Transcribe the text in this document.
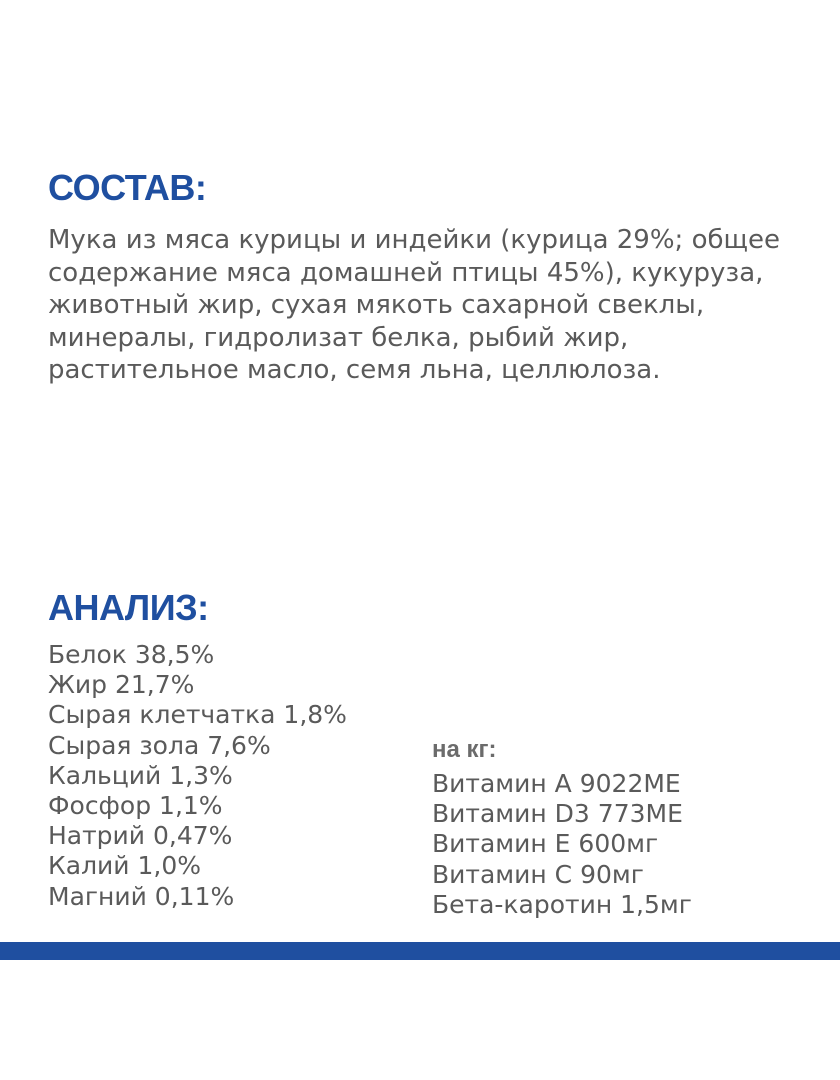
СОСТАВ:

Мука из мяса курицы и индейки (курица 29%; общее содержание мяса домашней птицы 45%), кукуруза, животный жир, сухая мякоть сахарной свеклы, минералы, гидролизат белка, рыбий жир, растительное масло, семя льна, целлюлоза.

АНАЛИЗ:
Белок 38,5%
Жир 21,7%
Сырая клетчатка 1,8%
Сырая зола 7,6%
Кальций 1,3%
Фосфор 1,1%
Натрий 0,47%
Калий 1,0%
Магний 0,11%
на кг:
Витамин А 9022МЕ
Витамин D3 773МЕ
Витамин Е 600мг
Витамин С 90мг
Бета-каротин 1,5мг
